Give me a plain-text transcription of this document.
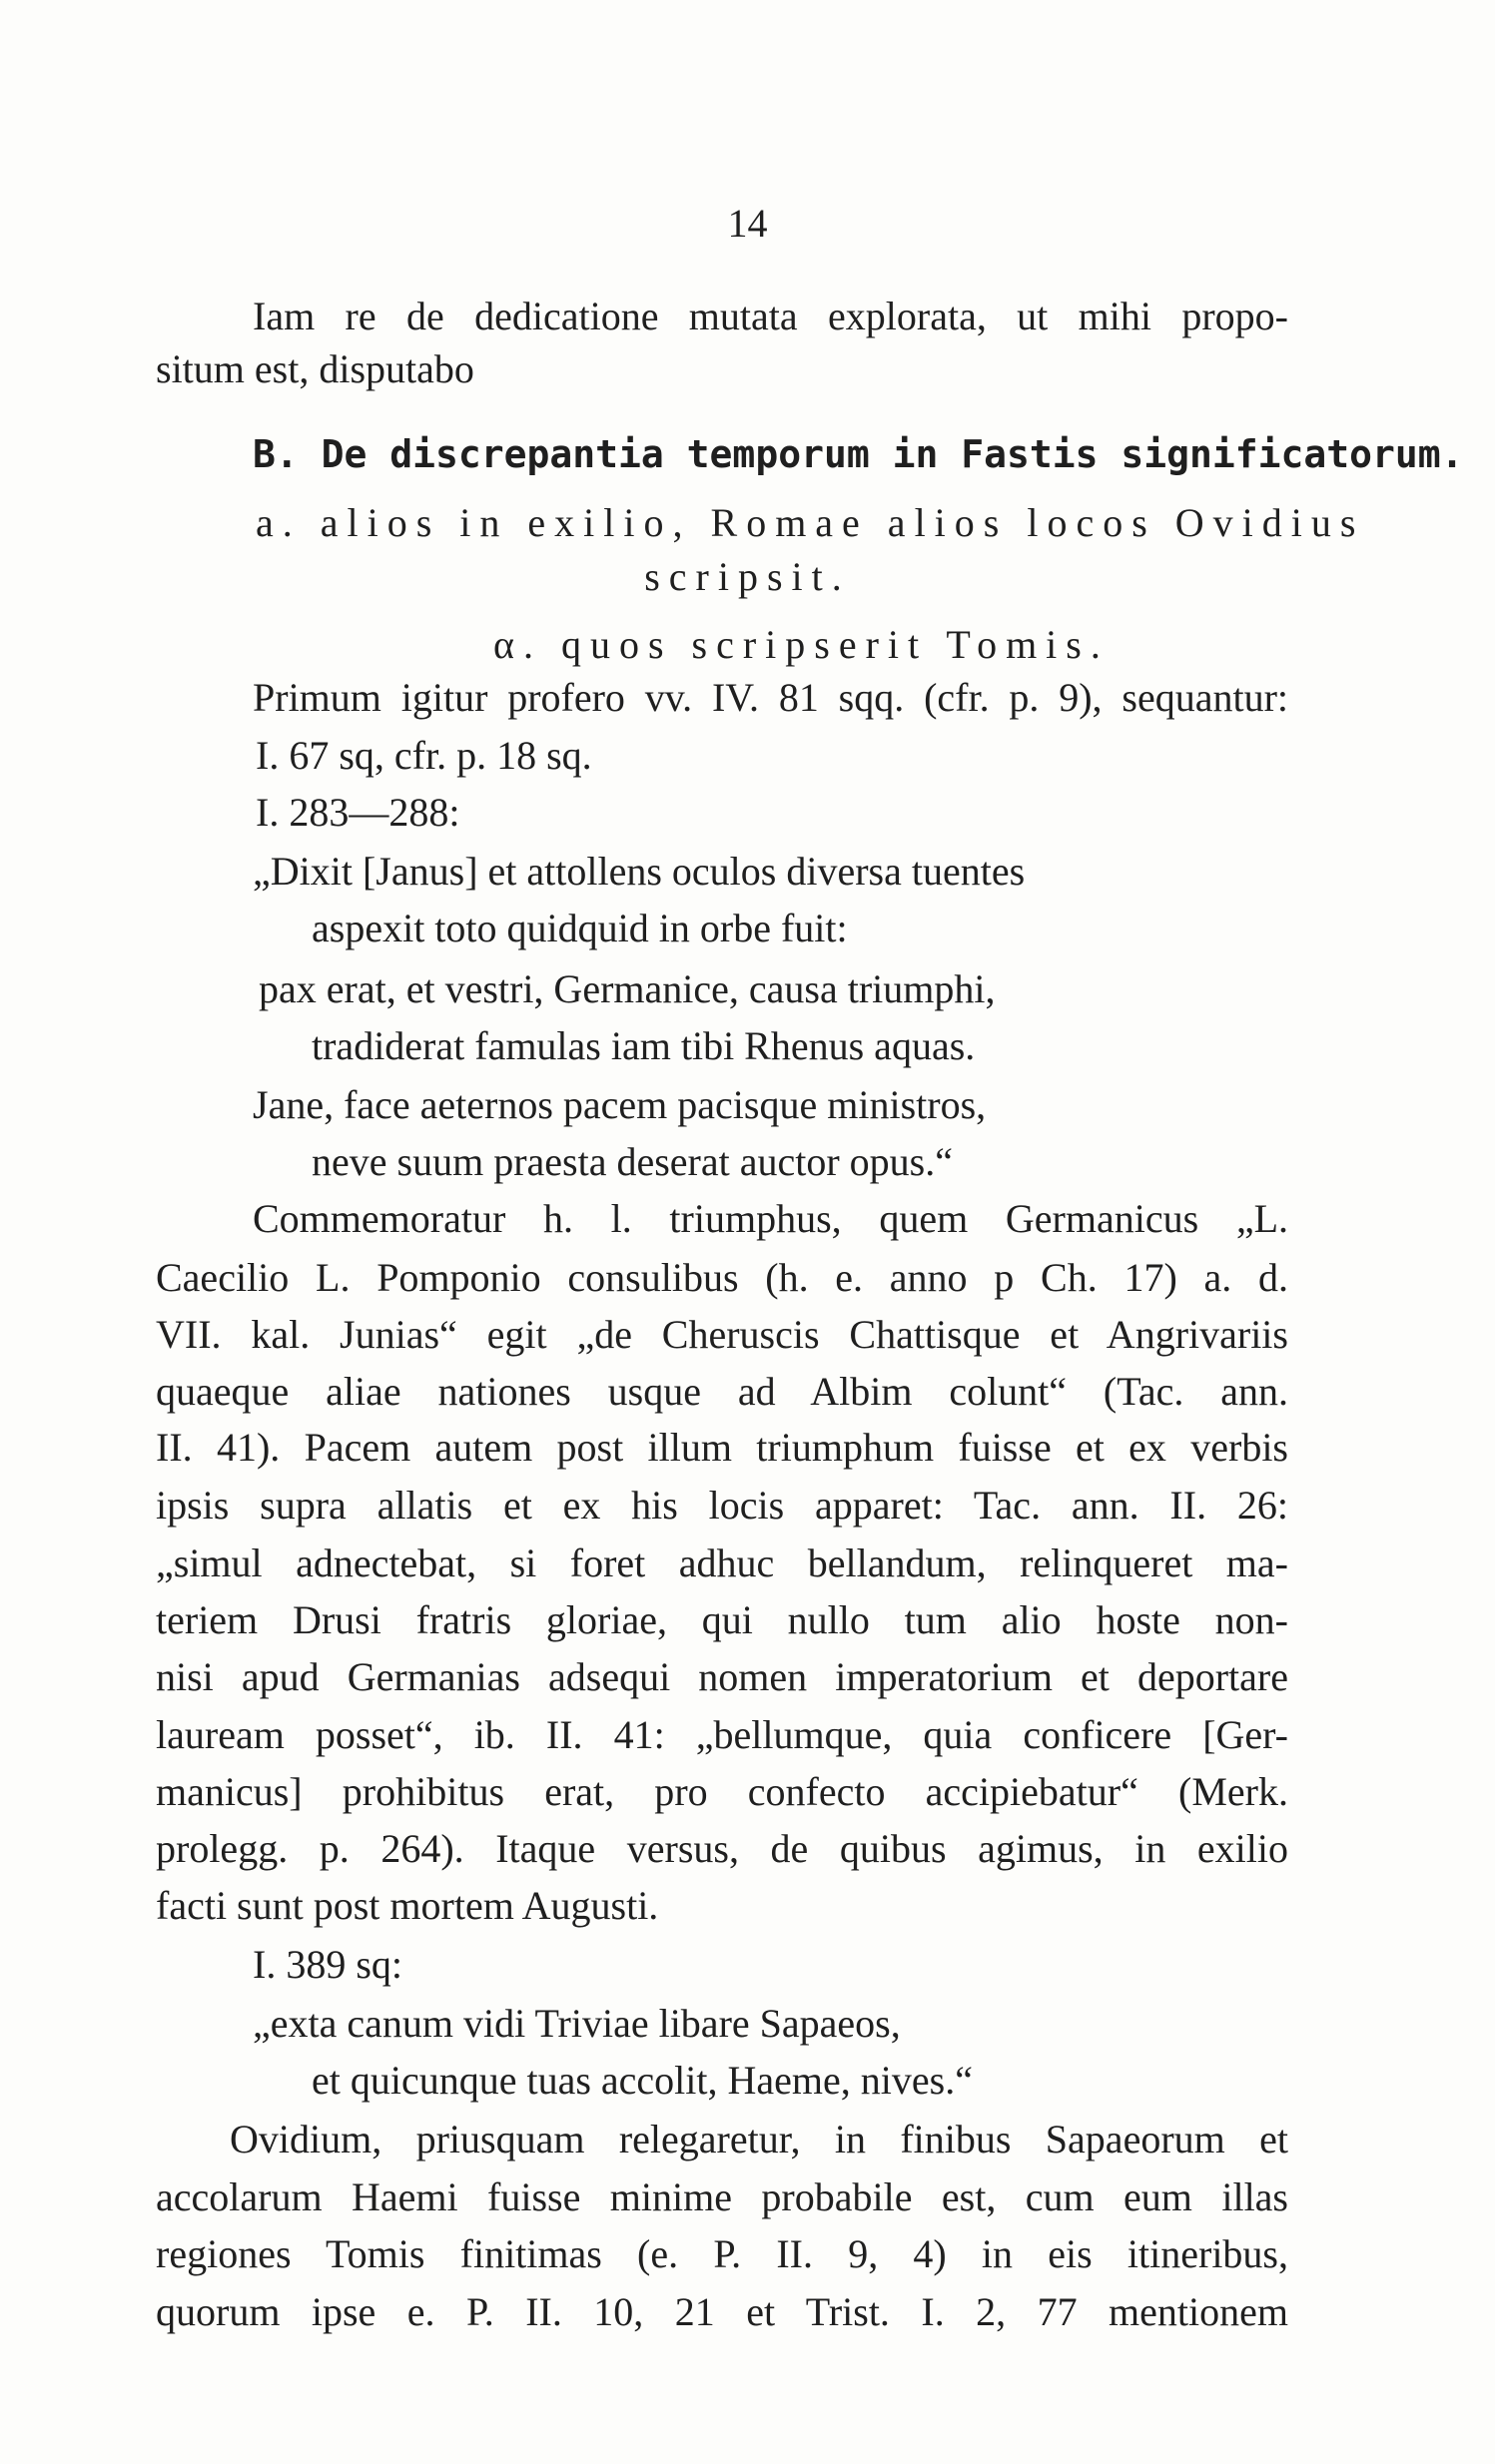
14
Iam re de dedicatione mutata explorata, ut mihi propo-
situm est, disputabo
B. De discrepantia temporum in Fastis significatorum.
a. alios in exilio, Romae alios locos Ovidius
scripsit.
α. quos scripserit Tomis.
Primum igitur profero vv. IV. 81 sqq. (cfr. p. 9), sequantur:
I. 67 sq, cfr. p. 18 sq.
I. 283—288:
„Dixit [Janus] et attollens oculos diversa tuentes
aspexit toto quidquid in orbe fuit:
pax erat, et vestri, Germanice, causa triumphi,
tradiderat famulas iam tibi Rhenus aquas.
Jane, face aeternos pacem pacisque ministros,
neve suum praesta deserat auctor opus.“
Commemoratur h. l. triumphus, quem Germanicus „L.
Caecilio L. Pomponio consulibus (h. e. anno p Ch. 17) a. d.
VII. kal. Junias“ egit „de Cheruscis Chattisque et Angrivariis
quaeque aliae nationes usque ad Albim colunt“ (Tac. ann.
II. 41). Pacem autem post illum triumphum fuisse et ex verbis
ipsis supra allatis et ex his locis apparet: Tac. ann. II. 26:
„simul adnectebat, si foret adhuc bellandum, relinqueret ma-
teriem Drusi fratris gloriae, qui nullo tum alio hoste non-
nisi apud Germanias adsequi nomen imperatorium et deportare
lauream posset“, ib. II. 41: „bellumque, quia conficere [Ger-
manicus] prohibitus erat, pro confecto accipiebatur“ (Merk.
prolegg. p. 264). Itaque versus, de quibus agimus, in exilio
facti sunt post mortem Augusti.
I. 389 sq:
„exta canum vidi Triviae libare Sapaeos,
et quicunque tuas accolit, Haeme, nives.“
Ovidium, priusquam relegaretur, in finibus Sapaeorum et
accolarum Haemi fuisse minime probabile est, cum eum illas
regiones Tomis finitimas (e. P. II. 9, 4) in eis itineribus,
quorum ipse e. P. II. 10, 21 et Trist. I. 2, 77 mentionem
